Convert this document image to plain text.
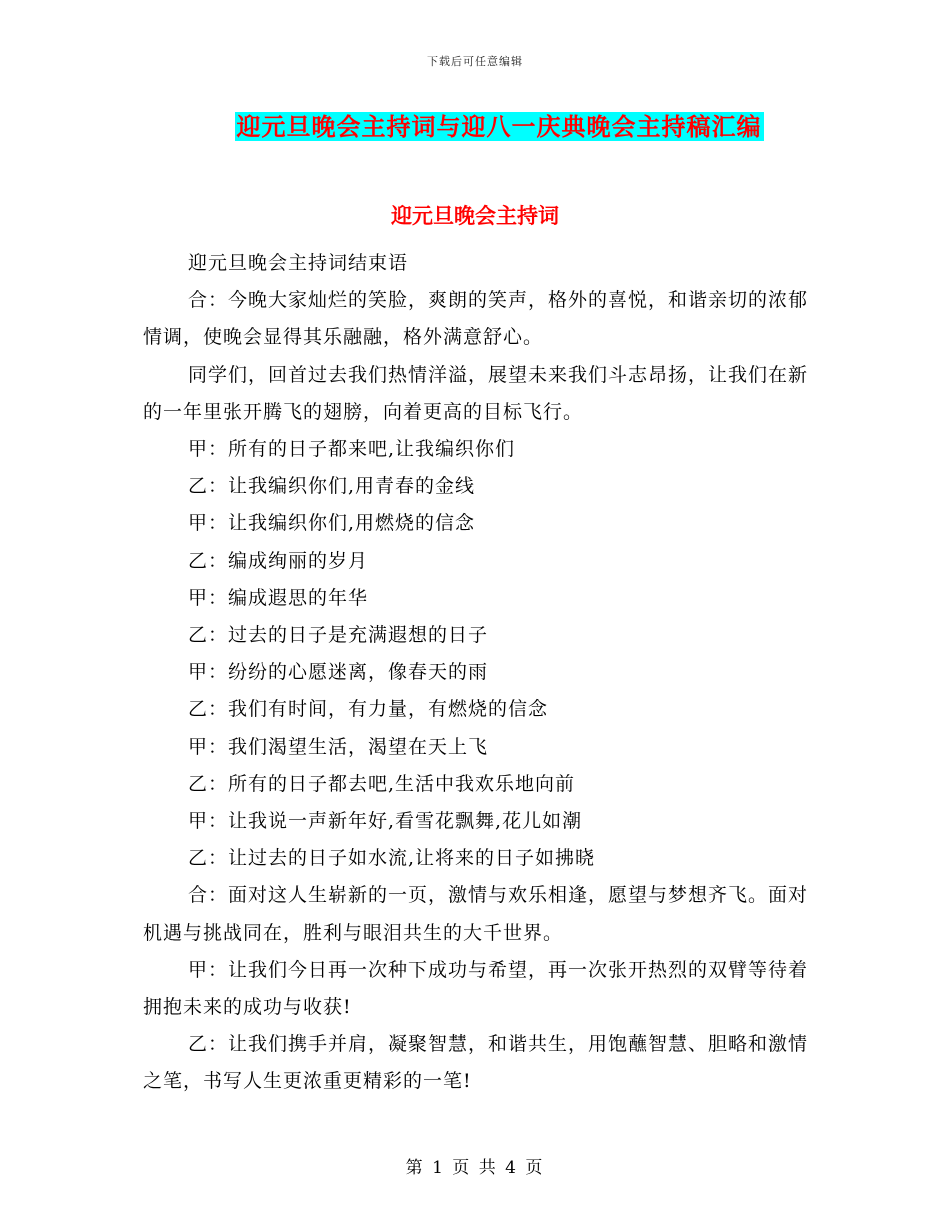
下载后可任意编辑
迎元旦晚会主持词与迎八一庆典晚会主持稿汇编
迎元旦晚会主持词

迎元旦晚会主持词结束语

合：今晚大家灿烂的笑脸，爽朗的笑声，格外的喜悦，和谐亲切的浓郁情调，使晚会显得其乐融融，格外满意舒心。

同学们，回首过去我们热情洋溢，展望未来我们斗志昂扬，让我们在新的一年里张开腾飞的翅膀，向着更高的目标飞行。

甲：所有的日子都来吧,让我编织你们

乙：让我编织你们,用青春的金线

甲：让我编织你们,用燃烧的信念

乙：编成绚丽的岁月

甲：编成遐思的年华

乙：过去的日子是充满遐想的日子

甲：纷纷的心愿迷离，像春天的雨

乙：我们有时间，有力量，有燃烧的信念

甲：我们渴望生活，渴望在天上飞

乙：所有的日子都去吧,生活中我欢乐地向前

甲：让我说一声新年好,看雪花飘舞,花儿如潮

乙：让过去的日子如水流,让将来的日子如拂晓

合：面对这人生崭新的一页，激情与欢乐相逢，愿望与梦想齐飞。面对机遇与挑战同在，胜利与眼泪共生的大千世界。

甲：让我们今日再一次种下成功与希望，再一次张开热烈的双臂等待着拥抱未来的成功与收获!

乙：让我们携手并肩，凝聚智慧，和谐共生，用饱蘸智慧、胆略和激情之笔，书写人生更浓重更精彩的一笔!

第 1 页 共 4 页
